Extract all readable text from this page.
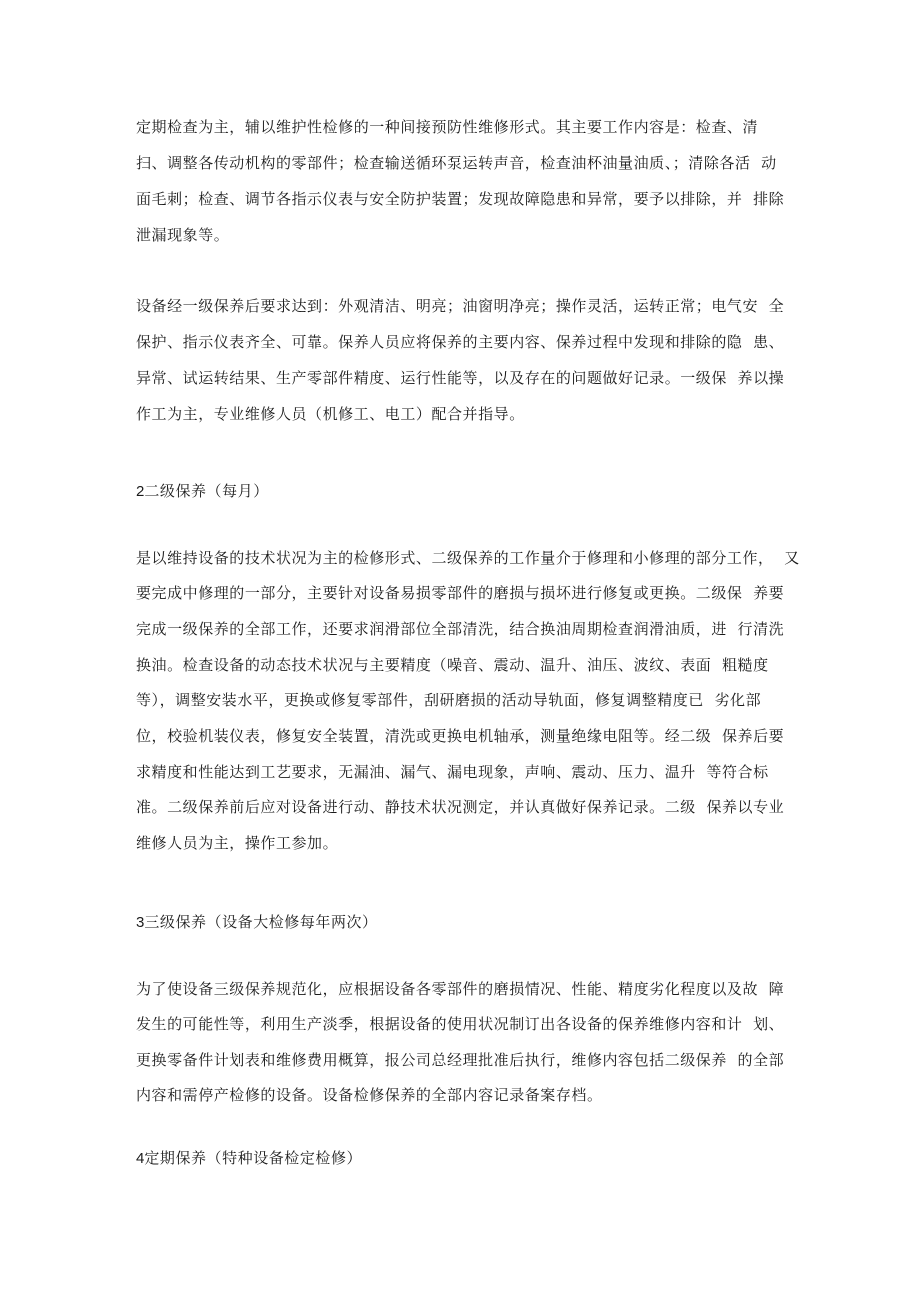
定期检查为主，辅以维护性检修的一种间接预防性维修形式。其主要工作内容是：检查、清
扫、调整各传动机构的零部件；检查输送循环泵运转声音，检查油杯油量油质、；清除各活  动
面毛刺；检查、调节各指示仪表与安全防护装置；发现故障隐患和异常，要予以排除，并  排除
泄漏现象等。
设备经一级保养后要求达到：外观清洁、明亮；油窗明净亮；操作灵活，运转正常；电气安  全
保护、指示仪表齐全、可靠。保养人员应将保养的主要内容、保养过程中发现和排除的隐  患、
异常、试运转结果、生产零部件精度、运行性能等，以及存在的问题做好记录。一级保  养以操
作工为主，专业维修人员（机修工、电工）配合并指导。
2二级保养（每月）
是以维持设备的技术状况为主的检修形式、二级保养的工作量介于修理和小修理的部分工作，  又
要完成中修理的一部分，主要针对设备易损零部件的磨损与损坏进行修复或更换。二级保  养要
完成一级保养的全部工作，还要求润滑部位全部清洗，结合换油周期检查润滑油质，进  行清洗
换油。检查设备的动态技术状况与主要精度（噪音、震动、温升、油压、波纹、表面  粗糙度
等），调整安装水平，更换或修复零部件，刮研磨损的活动导轨面，修复调整精度已  劣化部
位，校验机装仪表，修复安全装置，清洗或更换电机轴承，测量绝缘电阻等。经二级  保养后要
求精度和性能达到工艺要求，无漏油、漏气、漏电现象，声响、震动、压力、温升  等符合标
准。二级保养前后应对设备进行动、静技术状况测定，并认真做好保养记录。二级  保养以专业
维修人员为主，操作工参加。
3三级保养（设备大检修每年两次）
为了使设备三级保养规范化，应根据设备各零部件的磨损情况、性能、精度劣化程度以及故  障
发生的可能性等，利用生产淡季，根据设备的使用状况制订出各设备的保养维修内容和计  划、
更换零备件计划表和维修费用概算，报公司总经理批准后执行，维修内容包括二级保养  的全部
内容和需停产检修的设备。设备检修保养的全部内容记录备案存档。
4定期保养（特种设备检定检修）
